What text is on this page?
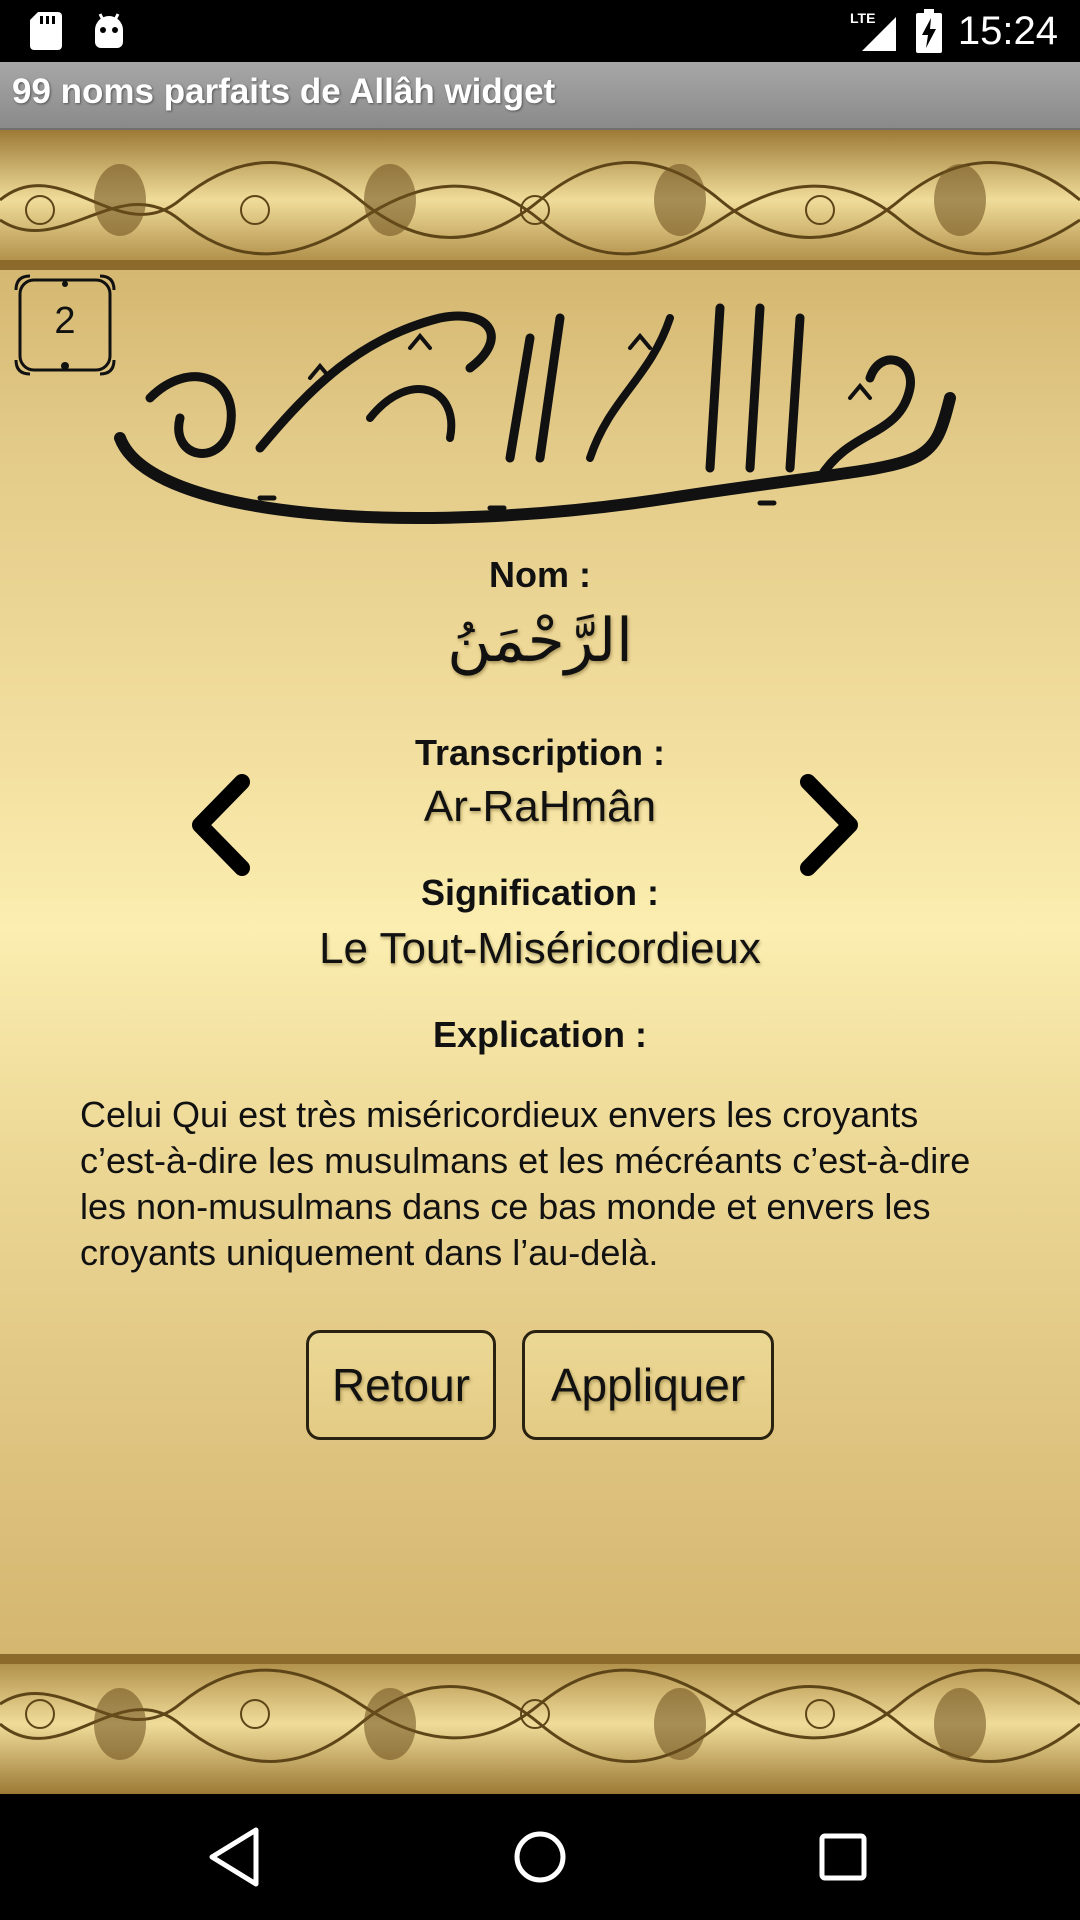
LTE 15:24
99 noms parfaits de Allâh widget
2
Nom :
الرَّحْمَنُ
Transcription :
Ar-RaHmân
Signification :
Le Tout-Miséricordieux
Explication :
Celui Qui est très miséricordieux envers les croyants c’est-à-dire les musulmans et les mécréants c’est-à-dire les non-musulmans dans ce bas monde et envers les croyants uniquement dans l’au-delà.
Retour	Appliquer
